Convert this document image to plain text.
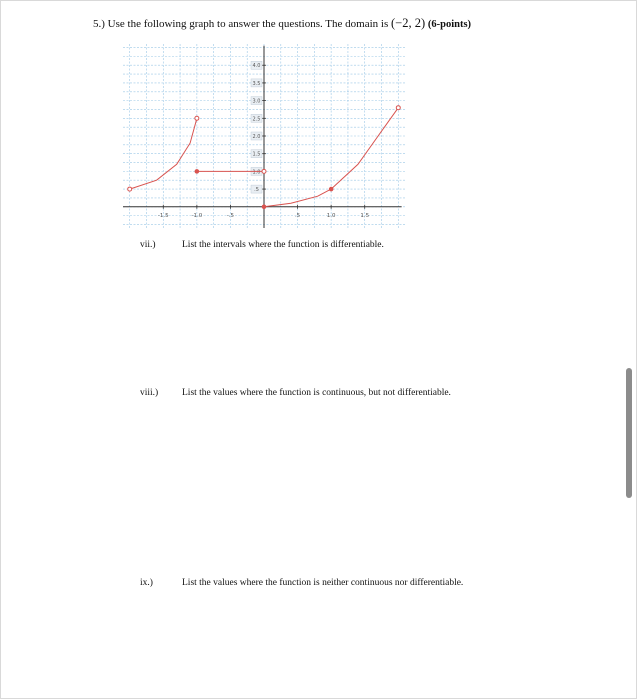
5.) Use the following graph to answer the questions. The domain is (−2, 2) (6-points)
-1.5	-1.0	-.5	.5	1.0	1.5
4.0
3.5
3.0
2.5
2.0
1.5
1.0
.5
vii.)	List the intervals where the function is differentiable.
viii.)	List the values where the function is continuous, but not differentiable.
ix.)	List the values where the function is neither continuous nor differentiable.
